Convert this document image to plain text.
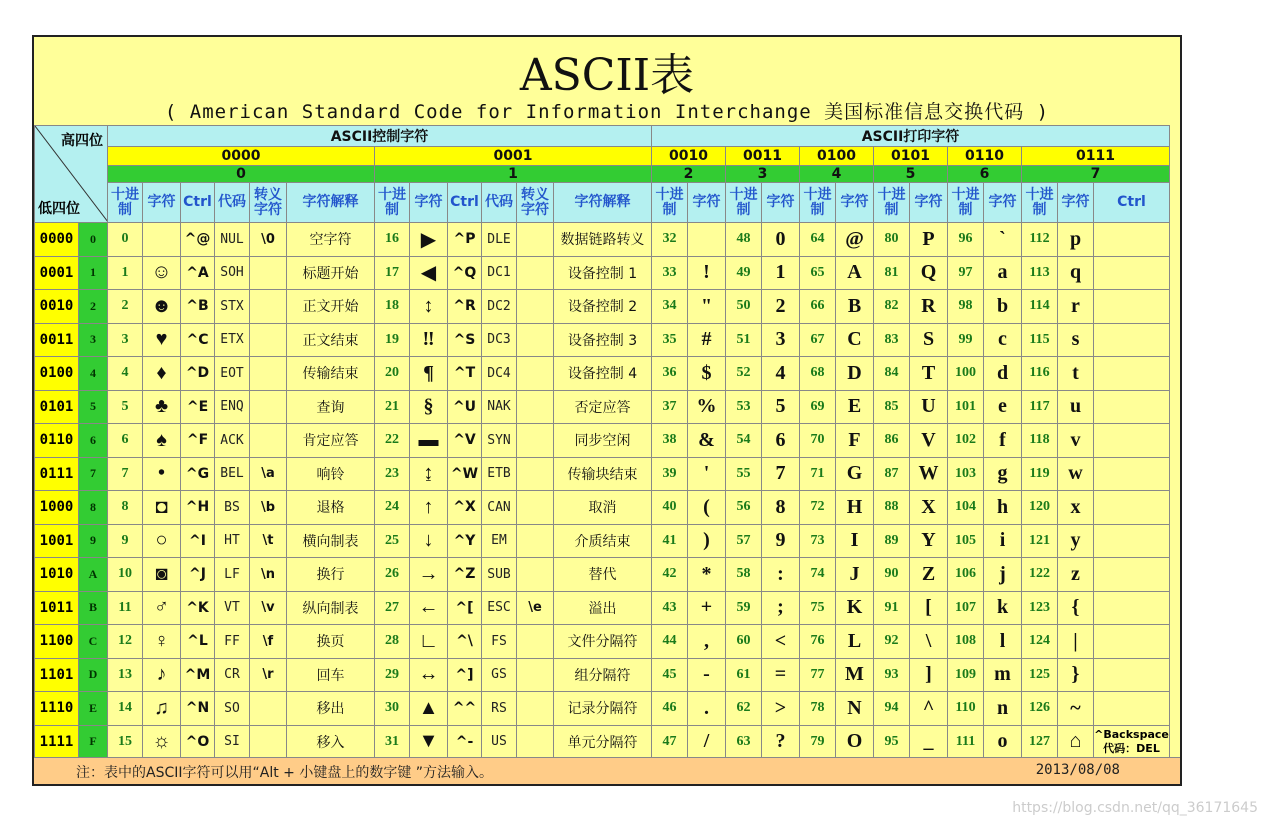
ASCII表
( American Standard Code for Information Interchange 美国标准信息交换代码 )
高四位
低四位		ASCII控制字符												ASCII打印字符												
		0000						0001						0010		0011		0100		0101		0110		0111		
		0						1						2		3		4		5		6		7		
		十进制	字符	Ctrl	代码	转义字符	字符解释	十进制	字符	Ctrl	代码	转义字符	字符解释	十进制	字符	十进制	字符	十进制	字符	十进制	字符	十进制	字符	十进制	字符	Ctrl
0000	0	0		^@	NUL	\0	空字符	16	▶	^P	DLE		数据链路转义	32		48	0	64	@	80	P	96	`	112	p	
0001	1	1	☺	^A	SOH		标题开始	17	◀	^Q	DC1		设备控制 1	33	!	49	1	65	A	81	Q	97	a	113	q	
0010	2	2	☻	^B	STX		正文开始	18	↕	^R	DC2		设备控制 2	34	"	50	2	66	B	82	R	98	b	114	r	
0011	3	3	♥	^C	ETX		正文结束	19	‼	^S	DC3		设备控制 3	35	#	51	3	67	C	83	S	99	c	115	s	
0100	4	4	♦	^D	EOT		传输结束	20	¶	^T	DC4		设备控制 4	36	$	52	4	68	D	84	T	100	d	116	t	
0101	5	5	♣	^E	ENQ		查询	21	§	^U	NAK		否定应答	37	%	53	5	69	E	85	U	101	e	117	u	
0110	6	6	♠	^F	ACK		肯定应答	22	▬	^V	SYN		同步空闲	38	&	54	6	70	F	86	V	102	f	118	v	
0111	7	7	•	^G	BEL	\a	响铃	23	↨	^W	ETB		传输块结束	39	'	55	7	71	G	87	W	103	g	119	w	
1000	8	8	◘	^H	BS	\b	退格	24	↑	^X	CAN		取消	40	(	56	8	72	H	88	X	104	h	120	x	
1001	9	9	○	^I	HT	\t	横向制表	25	↓	^Y	EM		介质结束	41	)	57	9	73	I	89	Y	105	i	121	y	
1010	A	10	◙	^J	LF	\n	换行	26	→	^Z	SUB		替代	42	*	58	:	74	J	90	Z	106	j	122	z	
1011	B	11	♂	^K	VT	\v	纵向制表	27	←	^[	ESC	\e	溢出	43	+	59	;	75	K	91	[	107	k	123	{	
1100	C	12	♀	^L	FF	\f	换页	28	∟	^\	FS		文件分隔符	44	,	60	<	76	L	92	\	108	l	124	|	
1101	D	13	♪	^M	CR	\r	回车	29	↔	^]	GS		组分隔符	45	-	61	=	77	M	93	]	109	m	125	}	
1110	E	14	♫	^N	SO		移出	30	▲	^^	RS		记录分隔符	46	.	62	>	78	N	94	^	110	n	126	~	
1111	F	15	☼	^O	SI		移入	31	▼	^-	US		单元分隔符	47	/	63	?	79	O	95	_	111	o	127	⌂	^Backspace
代码：DEL
注：表中的ASCII字符可以用“Alt + 小键盘上的数字键 ”方法输入。	2013/08/08
https://blog.csdn.net/qq_36171645
